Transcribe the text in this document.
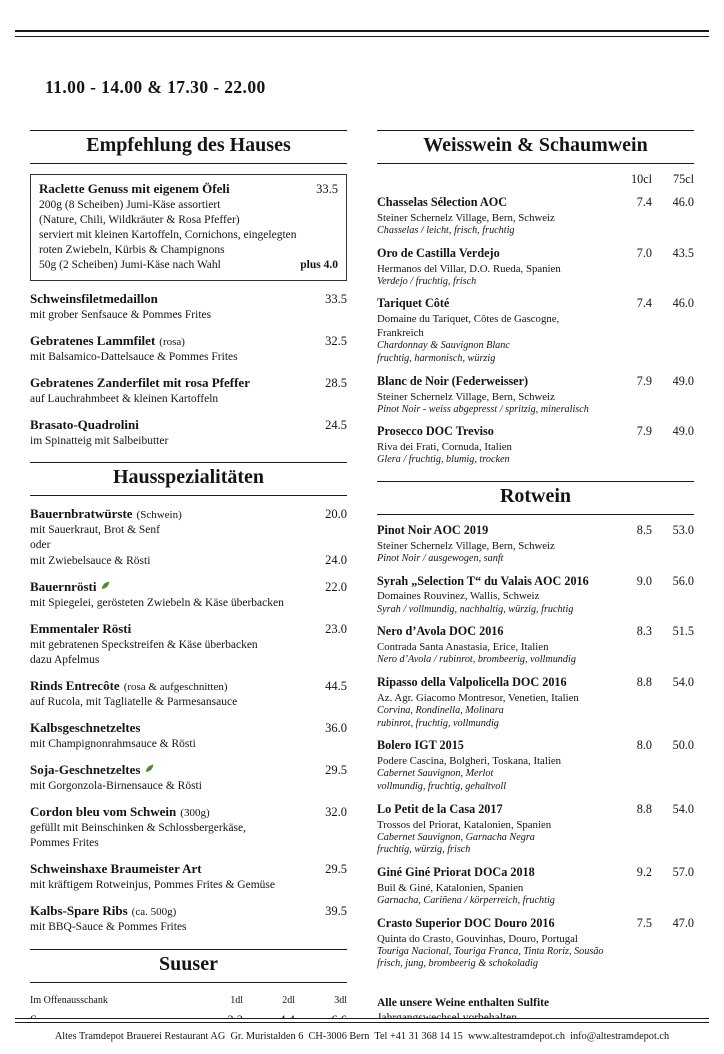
11.00 - 14.00 & 17.30 - 22.00
Empfehlung des Hauses
Raclette Genuss mit eigenem Öfeli	33.5
200g (8 Scheiben) Jumi-Käse assortiert
(Nature, Chili, Wildkräuter & Rosa Pfeffer)
serviert mit kleinen Kartoffeln, Cornichons, eingelegten
roten Zwiebeln, Kürbis & Champignons
50g (2 Scheiben) Jumi-Käse nach Wahl	plus 4.0
Schweinsfiletmedaillon	33.5
mit grober Senfsauce & Pommes Frites
Gebratenes Lammfilet (rosa)	32.5
mit Balsamico-Dattelsauce & Pommes Frites
Gebratenes Zanderfilet mit rosa Pfeffer	28.5
auf Lauchrahmbeet & kleinen Kartoffeln
Brasato-Quadrolini	24.5
im Spinatteig mit Salbeibutter
Hausspezialitäten
Bauernbratwürste (Schwein)	20.0
mit Sauerkraut, Brot & Senf
oder
mit Zwiebelsauce & Rösti	24.0
Bauernrösti	22.0
mit Spiegelei, gerösteten Zwiebeln & Käse überbacken
Emmentaler Rösti	23.0
mit gebratenen Speckstreifen & Käse überbacken
dazu Apfelmus
Rinds Entrecôte (rosa & aufgeschnitten)	44.5
auf Rucola, mit Tagliatelle & Parmesansauce
Kalbsgeschnetzeltes	36.0
mit Champignonrahmsauce & Rösti
Soja-Geschnetzeltes	29.5
mit Gorgonzola-Birnensauce & Rösti
Cordon bleu vom Schwein (300g)	32.0
gefüllt mit Beinschinken & Schlossbergerkäse,
Pommes Frites
Schweinshaxe Braumeister Art	29.5
mit kräftigem Rotweinjus, Pommes Frites & Gemüse
Kalbs-Spare Ribs (ca. 500g)	39.5
mit BBQ-Sauce & Pommes Frites
Suuser
Im Offenausschank	1dl	2dl	3dl
Weisswein & Schaumwein
10cl	75cl
Chasselas Sélection AOC	7.4	46.0
Steiner Schernelz Village, Bern, Schweiz
Chasselas / leicht, frisch, fruchtig
Oro de Castilla Verdejo	7.0	43.5
Hermanos del Villar, D.O. Rueda, Spanien
Verdejo / fruchtig, frisch
Tariquet Côté	7.4	46.0
Domaine du Tariquet, Côtes de Gascogne,
Frankreich
Chardonnay & Sauvignon Blanc
fruchtig, harmonisch, würzig
Blanc de Noir (Federweisser)	7.9	49.0
Steiner Schernelz Village, Bern, Schweiz
Pinot Noir - weiss abgepresst / spritzig, mineralisch
Prosecco DOC Treviso	7.9	49.0
Riva dei Frati, Cornuda, Italien
Glera / fruchtig, blumig, trocken
Rotwein
Pinot Noir AOC 2019	8.5	53.0
Steiner Schernelz Village, Bern, Schweiz
Pinot Noir / ausgewogen, sanft
Syrah „Selection T“ du Valais AOC 2016	9.0	56.0
Domaines Rouvinez, Wallis, Schweiz
Syrah / vollmundig, nachhaltig, würzig, fruchtig
Nero d’Avola DOC 2016	8.3	51.5
Contrada Santa Anastasia, Erice, Italien
Nero d’Avola / rubinrot, brombeerig, vollmundig
Ripasso della Valpolicella DOC 2016	8.8	54.0
Az. Agr. Giacomo Montresor, Venetien, Italien
Corvina, Rondinella, Molinara
rubinrot, fruchtig, vollmundig
Bolero IGT 2015	8.0	50.0
Podere Cascina, Bolgheri, Toskana, Italien
Cabernet Sauvignon, Merlot
vollmundig, fruchtig, gehaltvoll
Lo Petit de la Casa 2017	8.8	54.0
Trossos del Priorat, Katalonien, Spanien
Cabernet Sauvignon, Garnacha Negra
fruchtig, würzig, frisch
Giné Giné Priorat DOCa 2018	9.2	57.0
Buil & Giné, Katalonien, Spanien
Garnacha, Cariñena / körperreich, fruchtig
Crasto Superior DOC Douro 2016	7.5	47.0
Quinta do Crasto, Gouvinhas, Douro, Portugal
Touriga Nacional, Touriga Franca, Tinta Roriz, Sousão
frisch, jung, brombeerig & schokoladig
Alle unsere Weine enthalten Sulfite
Altes Tramdepot Brauerei Restaurant AG  Gr. Muristalden 6  CH-3006 Bern  Tel +41 31 368 14 15  www.altestramdepot.ch  info@altestramdepot.ch
